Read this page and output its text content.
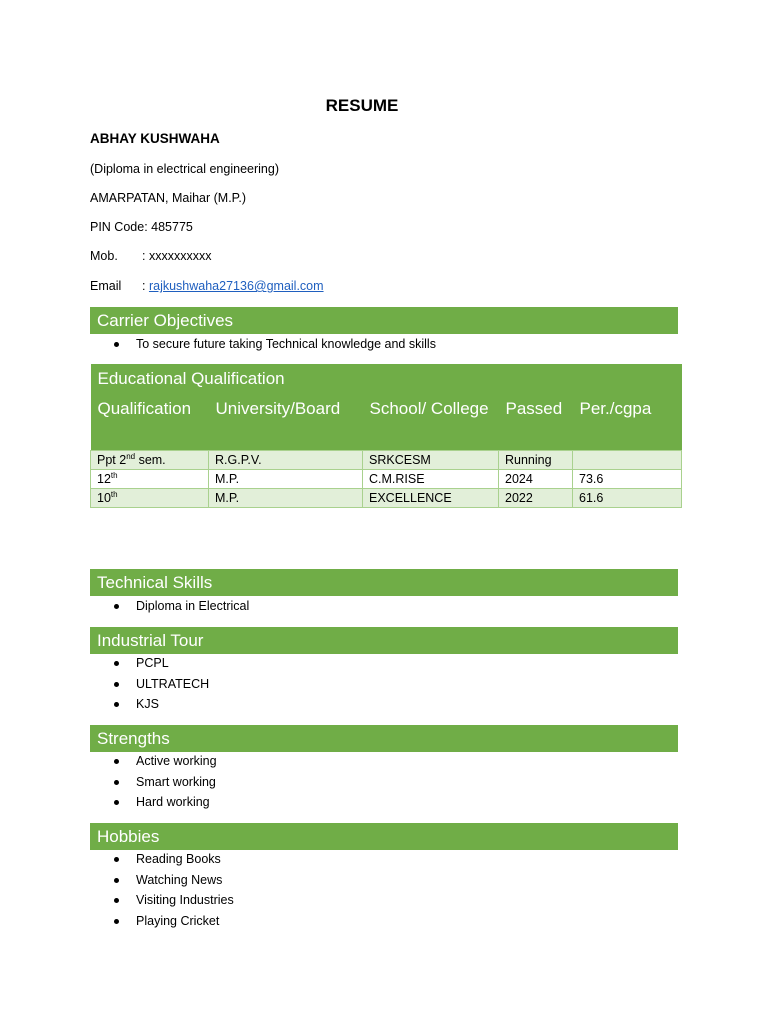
RESUME
ABHAY KUSHWAHA
(Diploma in electrical engineering)
AMARPATAN, Maihar (M.P.)
PIN Code: 485775
Mob. : xxxxxxxxxx
Email : rajkushwaha27136@gmail.com
Carrier Objectives
To secure future taking Technical knowledge and skills
Educational Qualification				
Qualification	University/Board	School/ College	Passed	Per./cgpa
Ppt 2nd sem.	R.G.P.V.	SRKCESM	Running	
12th	M.P.	C.M.RISE	2024	73.6
10th	M.P.	EXCELLENCE	2022	61.6
Technical Skills
Diploma in Electrical
Industrial Tour
PCPL
ULTRATECH
KJS
Strengths
Active working
Smart working
Hard working
Hobbies
Reading Books
Watching News
Visiting Industries
Playing Cricket
